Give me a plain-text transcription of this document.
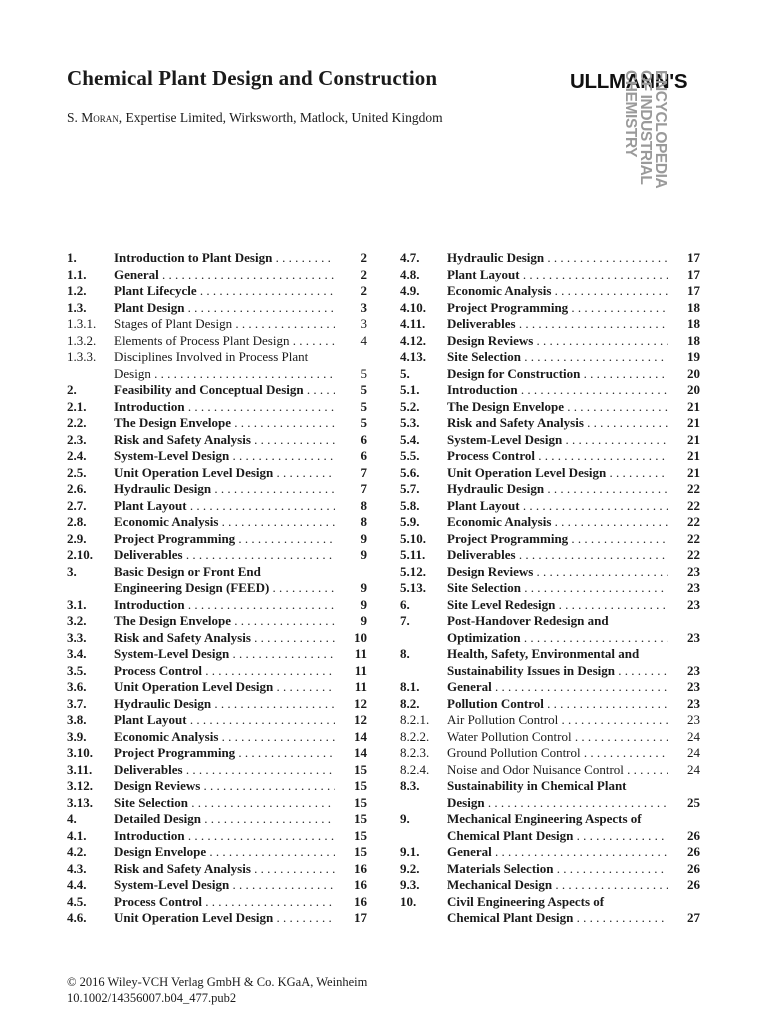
Chemical Plant Design and Construction
S. Moran, Expertise Limited, Wirksworth, Matlock, United Kingdom
ULLMANN'S
ENCYCLOPEDIA
OF INDUSTRIAL
CHEMISTRY
1.	Introduction to Plant Design . . .	2
1.1. General . . .	2
1.2. Plant Lifecycle . . .	2
1.3. Plant Design . . .	3
1.3.1. Stages of Plant Design . . .	3
1.3.2. Elements of Process Plant Design . . .	4
1.3.3. Disciplines Involved in Process Plant
Design . . .	5
2.	Feasibility and Conceptual Design . . .	5
2.1. Introduction . . .	5
2.2. The Design Envelope . . .	5
2.3. Risk and Safety Analysis . . .	6
2.4. System-Level Design . . .	6
2.5. Unit Operation Level Design . . .	7
2.6. Hydraulic Design . . .	7
2.7. Plant Layout . . .	8
2.8. Economic Analysis . . .	8
2.9. Project Programming . . .	9
2.10. Deliverables . . .	9
3.	Basic Design or Front End
Engineering Design (FEED) . . .	9
3.1. Introduction . . .	9
3.2. The Design Envelope . . .	9
3.3. Risk and Safety Analysis . . .	10
3.4. System-Level Design . . .	11
3.5. Process Control . . .	11
3.6. Unit Operation Level Design . . .	11
3.7. Hydraulic Design . . .	12
3.8. Plant Layout . . .	12
3.9. Economic Analysis . . .	14
3.10. Project Programming . . .	14
3.11. Deliverables . . .	15
3.12. Design Reviews . . .	15
3.13. Site Selection . . .	15
4.	Detailed Design . . .	15
4.1. Introduction . . .	15
4.2. Design Envelope . . .	15
4.3. Risk and Safety Analysis . . .	16
4.4. System-Level Design . . .	16
4.5. Process Control . . .	16
4.6. Unit Operation Level Design . . .	17
4.7. Hydraulic Design . . .	17
4.8. Plant Layout . . .	17
4.9. Economic Analysis . . .	17
4.10. Project Programming . . .	18
4.11. Deliverables . . .	18
4.12. Design Reviews . . .	18
4.13. Site Selection . . .	19
5.	Design for Construction . . .	20
5.1. Introduction . . .	20
5.2. The Design Envelope . . .	21
5.3. Risk and Safety Analysis . . .	21
5.4. System-Level Design . . .	21
5.5. Process Control . . .	21
5.6. Unit Operation Level Design . . .	21
5.7. Hydraulic Design . . .	22
5.8. Plant Layout . . .	22
5.9. Economic Analysis . . .	22
5.10. Project Programming . . .	22
5.11. Deliverables . . .	22
5.12. Design Reviews . . .	23
5.13. Site Selection . . .	23
6.	Site Level Redesign . . .	23
7.	Post-Handover Redesign and
Optimization . . .	23
8.	Health, Safety, Environmental and
Sustainability Issues in Design . . .	23
8.1. General . . .	23
8.2. Pollution Control . . .	23
8.2.1. Air Pollution Control . . .	23
8.2.2. Water Pollution Control . . .	24
8.2.3. Ground Pollution Control . . .	24
8.2.4. Noise and Odor Nuisance Control . . .	24
8.3. Sustainability in Chemical Plant
Design . . .	25
9.	Mechanical Engineering Aspects of
Chemical Plant Design . . .	26
9.1. General . . .	26
9.2. Materials Selection . . .	26
9.3. Mechanical Design . . .	26
10. Civil Engineering Aspects of
Chemical Plant Design . . .	27
© 2016 Wiley-VCH Verlag GmbH & Co. KGaA, Weinheim
10.1002/14356007.b04_477.pub2
